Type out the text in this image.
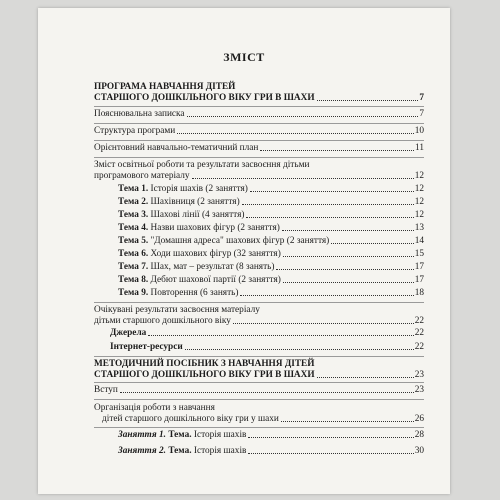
ЗМІСТ
ПРОГРАМА НАВЧАННЯ ДІТЕЙ
СТАРШОГО ДОШКІЛЬНОГО ВІКУ ГРИ В ШАХИ	7
Пояснювальна записка	7
Структура програми	10
Орієнтовний навчально-тематичний план	11
Зміст освітньої роботи та результати засвоєння дітьми
програмового матеріалу	12
Тема 1. Історія шахів (2 заняття)	12
Тема 2. Шахівниця (2 заняття)	12
Тема 3. Шахові лінії (4 заняття)	12
Тема 4. Назви шахових фігур (2 заняття)	13
Тема 5. "Домашня адреса" шахових фігур (2 заняття)	14
Тема 6. Ходи шахових фігур (32 заняття)	15
Тема 7. Шах, мат – результат (8 занять)	17
Тема 8. Дебют шахової партії (2 заняття)	17
Тема 9. Повторення (6 занять)	18
Очікувані результати засвоєння матеріалу
дітьми старшого дошкільного віку	22
Джерела	22
Інтернет-ресурси	22
МЕТОДИЧНИЙ ПОСІБНИК З НАВЧАННЯ ДІТЕЙ
СТАРШОГО ДОШКІЛЬНОГО ВІКУ ГРИ В ШАХИ	23
Вступ	23
Організація роботи з навчання
дітей старшого дошкільного віку гри у шахи	26
Заняття 1. Тема. Історія шахів	28
Заняття 2. Тема. Історія шахів	30
